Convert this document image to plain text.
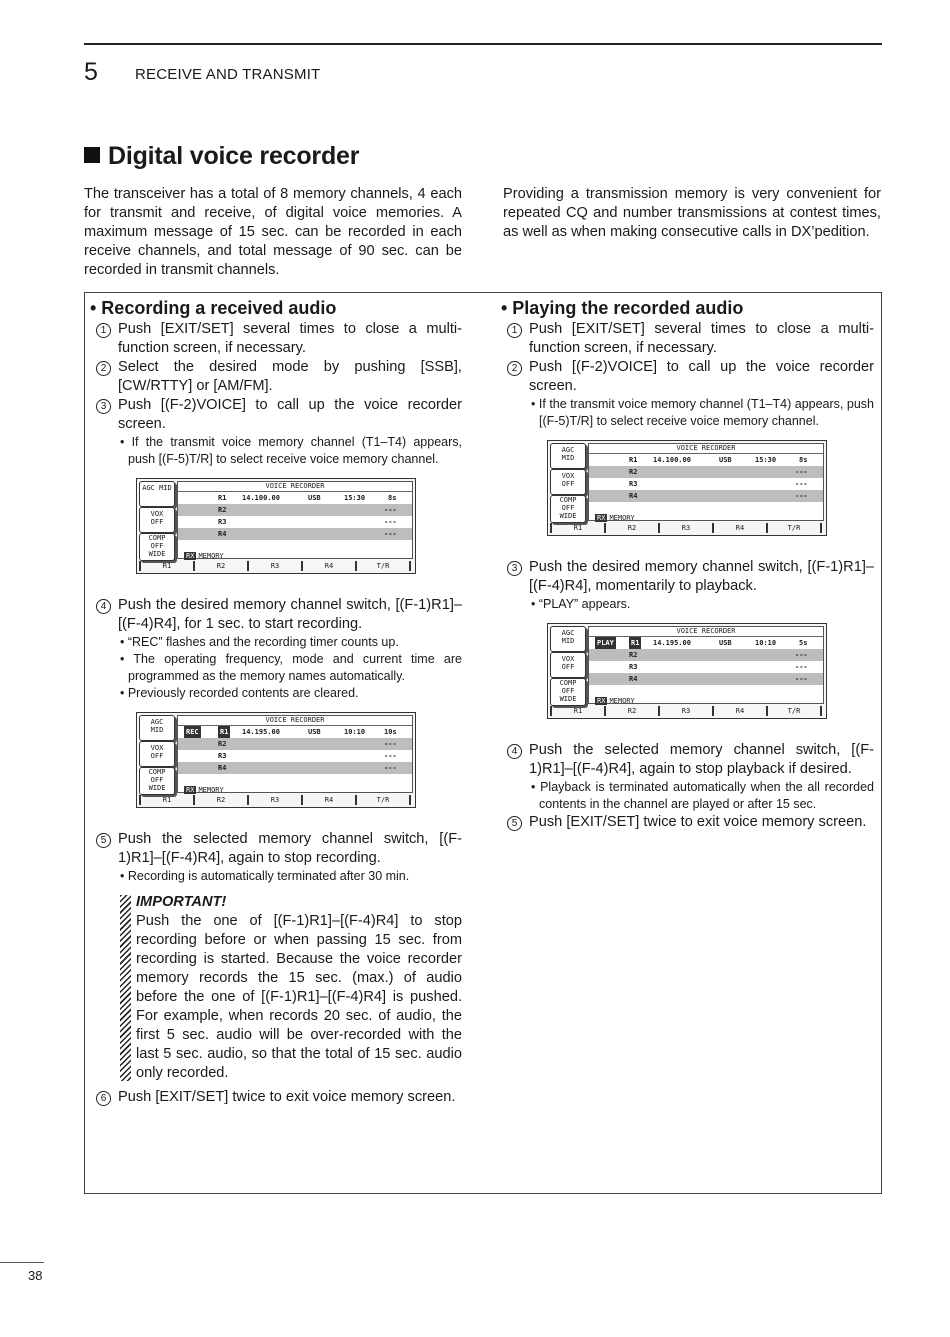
5 RECEIVE AND TRANSMIT
Digital voice recorder
The transceiver has a total of 8 memory channels, 4 each for transmit and receive, of digital voice memories. A maximum message of 15 sec. can be recorded in each receive channels, and total message of 90 sec. can be recorded in transmit channels.
Providing a transmission memory is very convenient for repeated CQ and number transmissions at contest times, as well as when making consecutive calls in DX’pedition.
• Recording a received audio
1 Push [EXIT/SET] several times to close a multi-function screen, if necessary.
2 Select the desired mode by pushing [SSB], [CW/RTTY] or [AM/FM].
3 Push [(F-2)VOICE] to call up the voice recorder screen.
• If the transmit voice memory channel (T1–T4) appears, push [(F-5)T/R] to select receive voice memory channel.
AGC MID
VOX
OFF
COMP
OFF
WIDE
VOICE RECORDER
R1 14.100.00	USB	15:30	8s
R2	---
R3	---
R4	---
RX MEMORY
R1	R2	R3	R4	T/R
4 Push the desired memory channel switch, [(F-1)R1]–[(F-4)R4], for 1 sec. to start recording.
• “REC” flashes and the recording timer counts up.
• The operating frequency, mode and current time are programmed as the memory names automatically.
• Previously recorded contents are cleared.
AGC
MID
VOX
OFF
COMP
OFF
WIDE
VOICE RECORDER
REC	R1 14.195.00	USB	10:10	10s
R2	---
R3	---
R4	---
RX MEMORY
R1	R2	R3	R4	T/R
5 Push the selected memory channel switch, [(F-1)R1]–[(F-4)R4], again to stop recording.
• Recording is automatically terminated after 30 min.
IMPORTANT!
Push the one of [(F-1)R1]–[(F-4)R4] to stop recording before or when passing 15 sec. from recording is started. Because the voice recorder memory records the 15 sec. (max.) of audio before the one of [(F-1)R1]–[(F-4)R4] is pushed. For example, when records 20 sec. of audio, the first 5 sec. audio will be over-recorded with the last 5 sec. audio, so that the total of 15 sec. audio only recorded.
6 Push [EXIT/SET] twice to exit voice memory screen.
• Playing the recorded audio
1 Push [EXIT/SET] several times to close a multi-function screen, if necessary.
2 Push [(F-2)VOICE] to call up the voice recorder screen.
• If the transmit voice memory channel (T1–T4) appears, push [(F-5)T/R] to select receive voice memory channel.
AGC
MID
VOX
OFF
COMP
OFF
WIDE
VOICE RECORDER
R1 14.100.00	USB	15:30	8s
R2	---
R3	---
R4	---
RX MEMORY
R1	R2	R3	R4	T/R
3 Push the desired memory channel switch, [(F-1)R1]–[(F-4)R4], momentarily to playback.
• “PLAY” appears.
AGC
MID
VOX
OFF
COMP
OFF
WIDE
VOICE RECORDER
PLAY R1 14.195.00	USB	10:10	5s
R2	---
R3	---
R4	---
RX MEMORY
R1	R2	R3	R4	T/R
4 Push the selected memory channel switch, [(F-1)R1]–[(F-4)R4], again to stop playback if desired.
• Playback is terminated automatically when the all recorded contents in the channel are played or after 15 sec.
5 Push [EXIT/SET] twice to exit voice memory screen.
38
